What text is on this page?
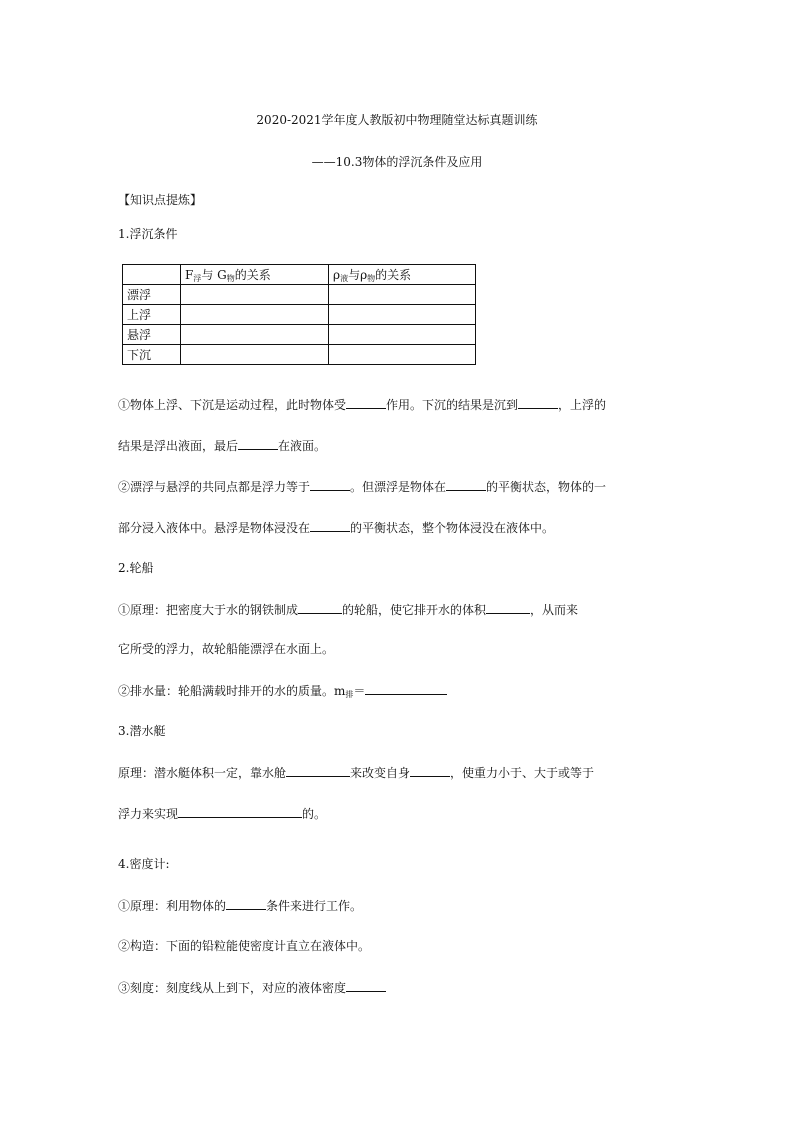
2020-2021学年度人教版初中物理随堂达标真题训练
——10.3物体的浮沉条件及应用
【知识点提炼】
1.浮沉条件
	$F_浮$与 $G_物$的关系	$\rho_液$与$\rho_物$的关系
漂浮		
上浮		
悬浮		
下沉		
①物体上浮、下沉是运动过程，此时物体受	作用。下沉的结果是沉到	，上浮的
结果是浮出液面，最后	在液面。
②漂浮与悬浮的共同点都是浮力等于	。但漂浮是物体在	的平衡状态，物体的一
部分浸入液体中。悬浮是物体浸没在	的平衡状态，整个物体浸没在液体中。
2.轮船
①原理：把密度大于水的钢铁制成	的轮船，使它排开水的体积	，从而来
它所受的浮力，故轮船能漂浮在水面上。
②排水量：轮船满载时排开的水的质量。$m_排=$
3.潜水艇
原理：潜水艇体积一定，靠水舱	来改变自身	，使重力小于、大于或等于
浮力来实现	的。
4.密度计:
①原理：利用物体的	条件来进行工作。
②构造：下面的铅粒能使密度计直立在液体中。
③刻度：刻度线从上到下，对应的液体密度
